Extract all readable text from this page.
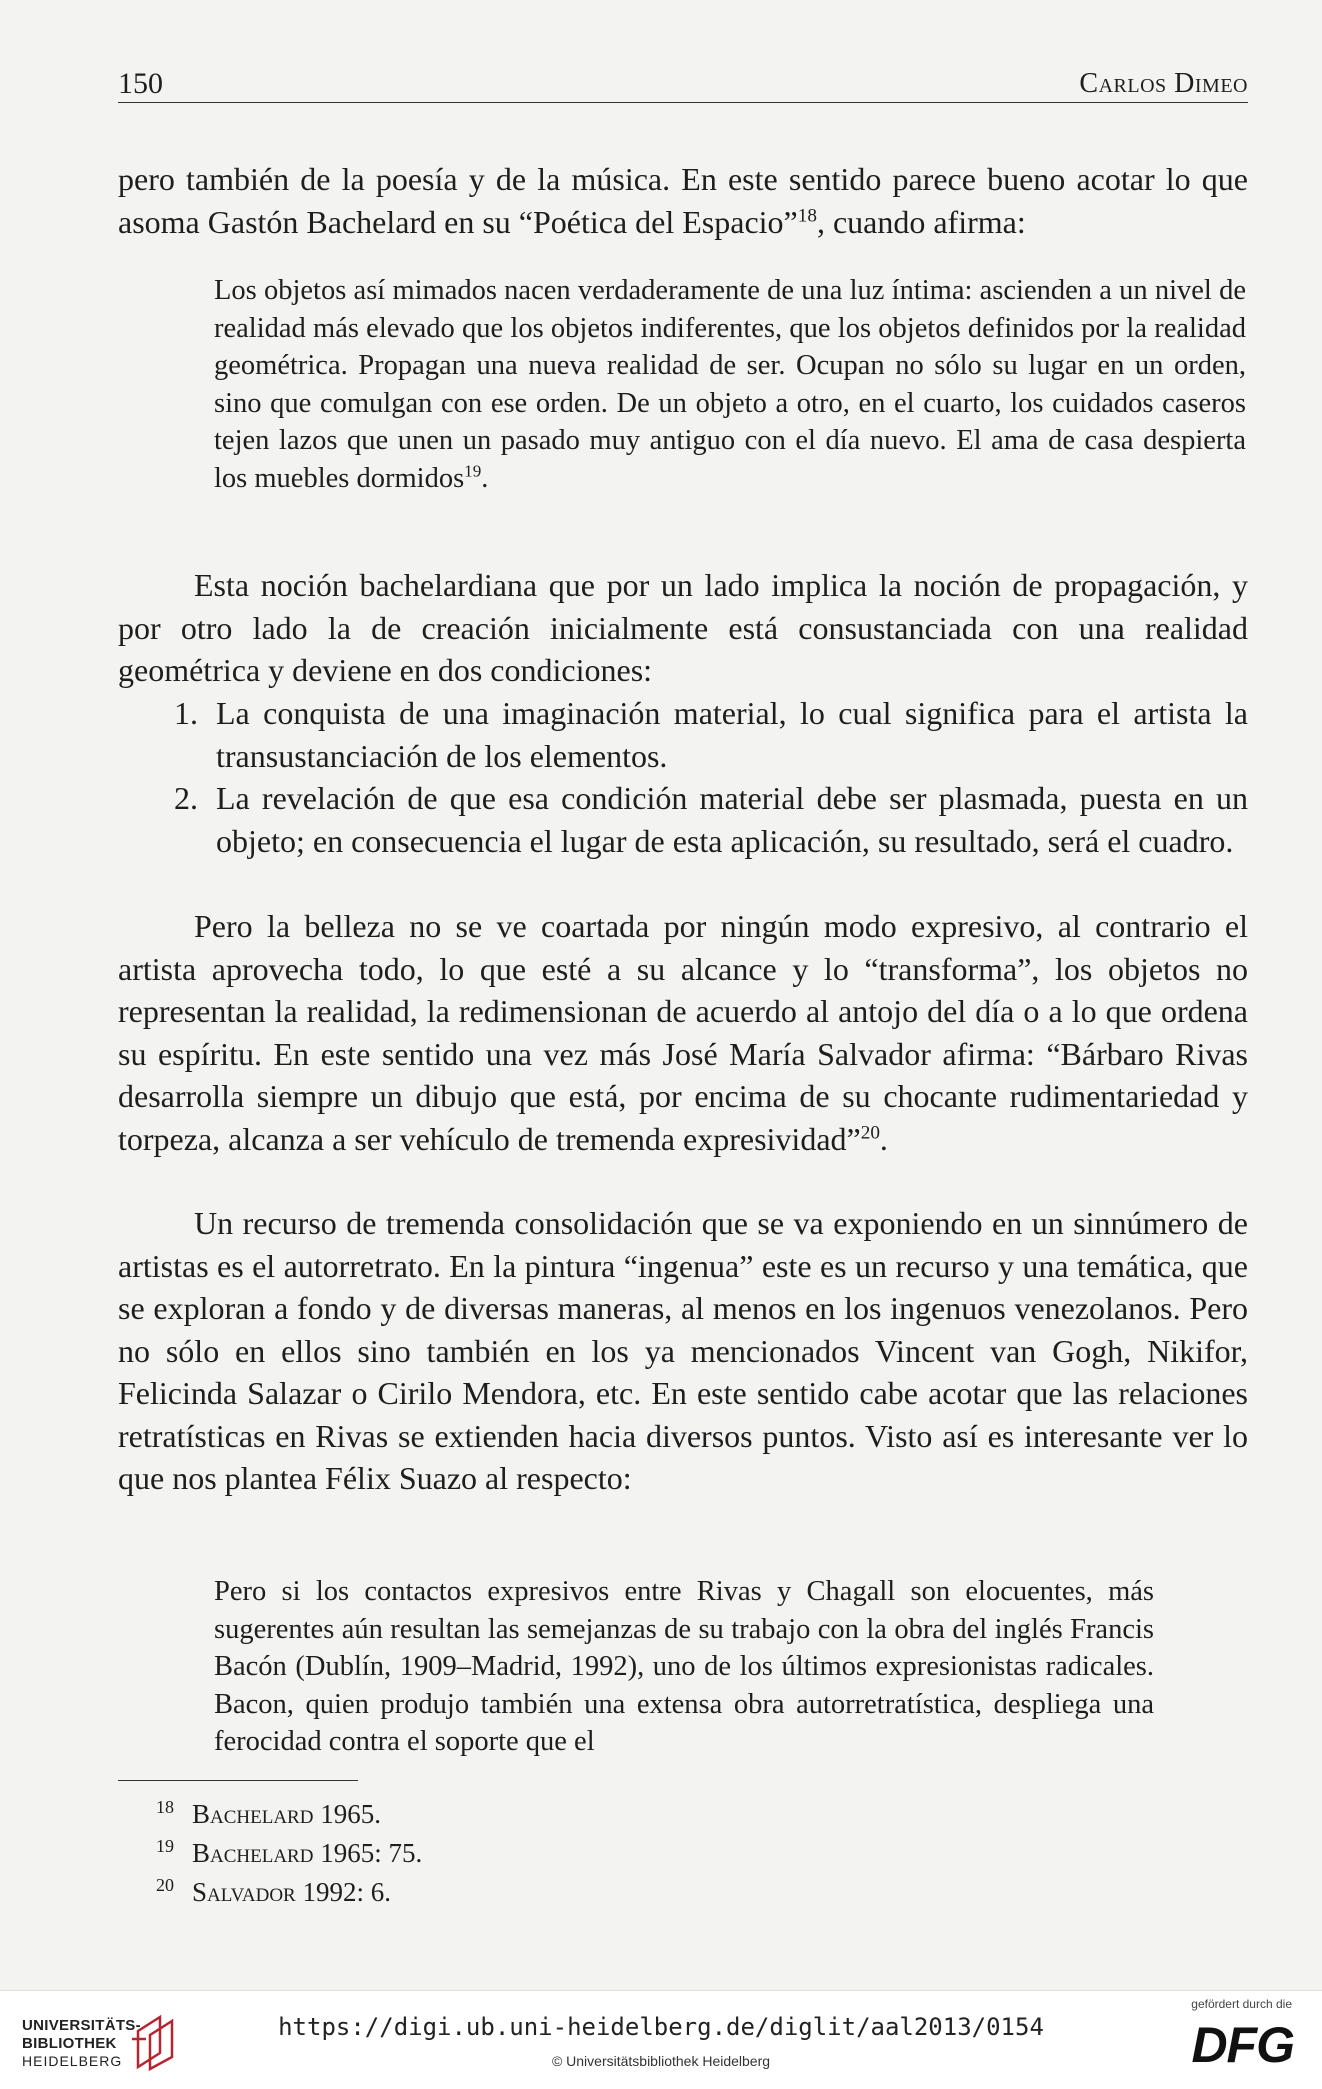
150	Carlos Dimeo

pero también de la poesía y de la música. En este sentido parece bueno acotar lo que asoma Gastón Bachelard en su “Poética del Espacio”$^{18}$, cuando afirma:

Los objetos así mimados nacen verdaderamente de una luz íntima: ascienden a un nivel de realidad más elevado que los objetos indiferentes, que los objetos definidos por la realidad geométrica. Propagan una nueva realidad de ser. Ocupan no sólo su lugar en un orden, sino que comulgan con ese orden. De un objeto a otro, en el cuarto, los cuidados caseros tejen lazos que unen un pasado muy antiguo con el día nuevo. El ama de casa despierta los muebles dormidos$^{19}$.

Esta noción bachelardiana que por un lado implica la noción de propagación, y por otro lado la de creación inicialmente está consustanciada con una realidad geométrica y deviene en dos condiciones:

1. La conquista de una imaginación material, lo cual significa para el artista la transustanciación de los elementos.
2. La revelación de que esa condición material debe ser plasmada, puesta en un objeto; en consecuencia el lugar de esta aplicación, su resultado, será el cuadro.

Pero la belleza no se ve coartada por ningún modo expresivo, al contrario el artista aprovecha todo, lo que esté a su alcance y lo “transforma”, los objetos no representan la realidad, la redimensionan de acuerdo al antojo del día o a lo que ordena su espíritu. En este sentido una vez más José María Salvador afirma: “Bárbaro Rivas desarrolla siempre un dibujo que está, por encima de su chocante rudimentariedad y torpeza, alcanza a ser vehículo de tremenda expresividad”$^{20}$.

Un recurso de tremenda consolidación que se va exponiendo en un sinnúmero de artistas es el autorretrato. En la pintura “ingenua” este es un recurso y una temática, que se exploran a fondo y de diversas maneras, al menos en los ingenuos venezolanos. Pero no sólo en ellos sino también en los ya mencionados Vincent van Gogh, Nikifor, Felicinda Salazar o Cirilo Mendora, etc. En este sentido cabe acotar que las relaciones retratísticas en Rivas se extienden hacia diversos puntos. Visto así es interesante ver lo que nos plantea Félix Suazo al respecto:

Pero si los contactos expresivos entre Rivas y Chagall son elocuentes, más sugerentes aún resultan las semejanzas de su trabajo con la obra del inglés Francis Bacón (Dublín, 1909–Madrid, 1992), uno de los últimos expresionistas radicales. Bacon, quien produjo también una extensa obra autorretratística, despliega una ferocidad contra el soporte que el

18 Bachelard 1965.
19 Bachelard 1965: 75.
20 Salvador 1992: 6.
UNIVERSITÄTS-
BIBLIOTHEK
HEIDELBERG
https://digi.ub.uni-heidelberg.de/diglit/aal2013/0154
© Universitätsbibliothek Heidelberg
gefördert durch die
DFG
